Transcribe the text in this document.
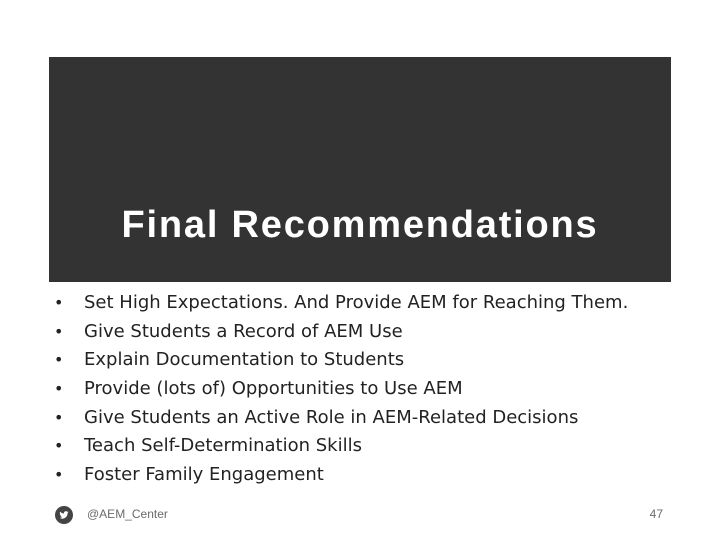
Final Recommendations
• Set High Expectations. And Provide AEM for Reaching Them.
• Give Students a Record of AEM Use
• Explain Documentation to Students
• Provide (lots of) Opportunities to Use AEM
• Give Students an Active Role in AEM-Related Decisions
• Teach Self-Determination Skills
• Foster Family Engagement
@AEM_Center	47
